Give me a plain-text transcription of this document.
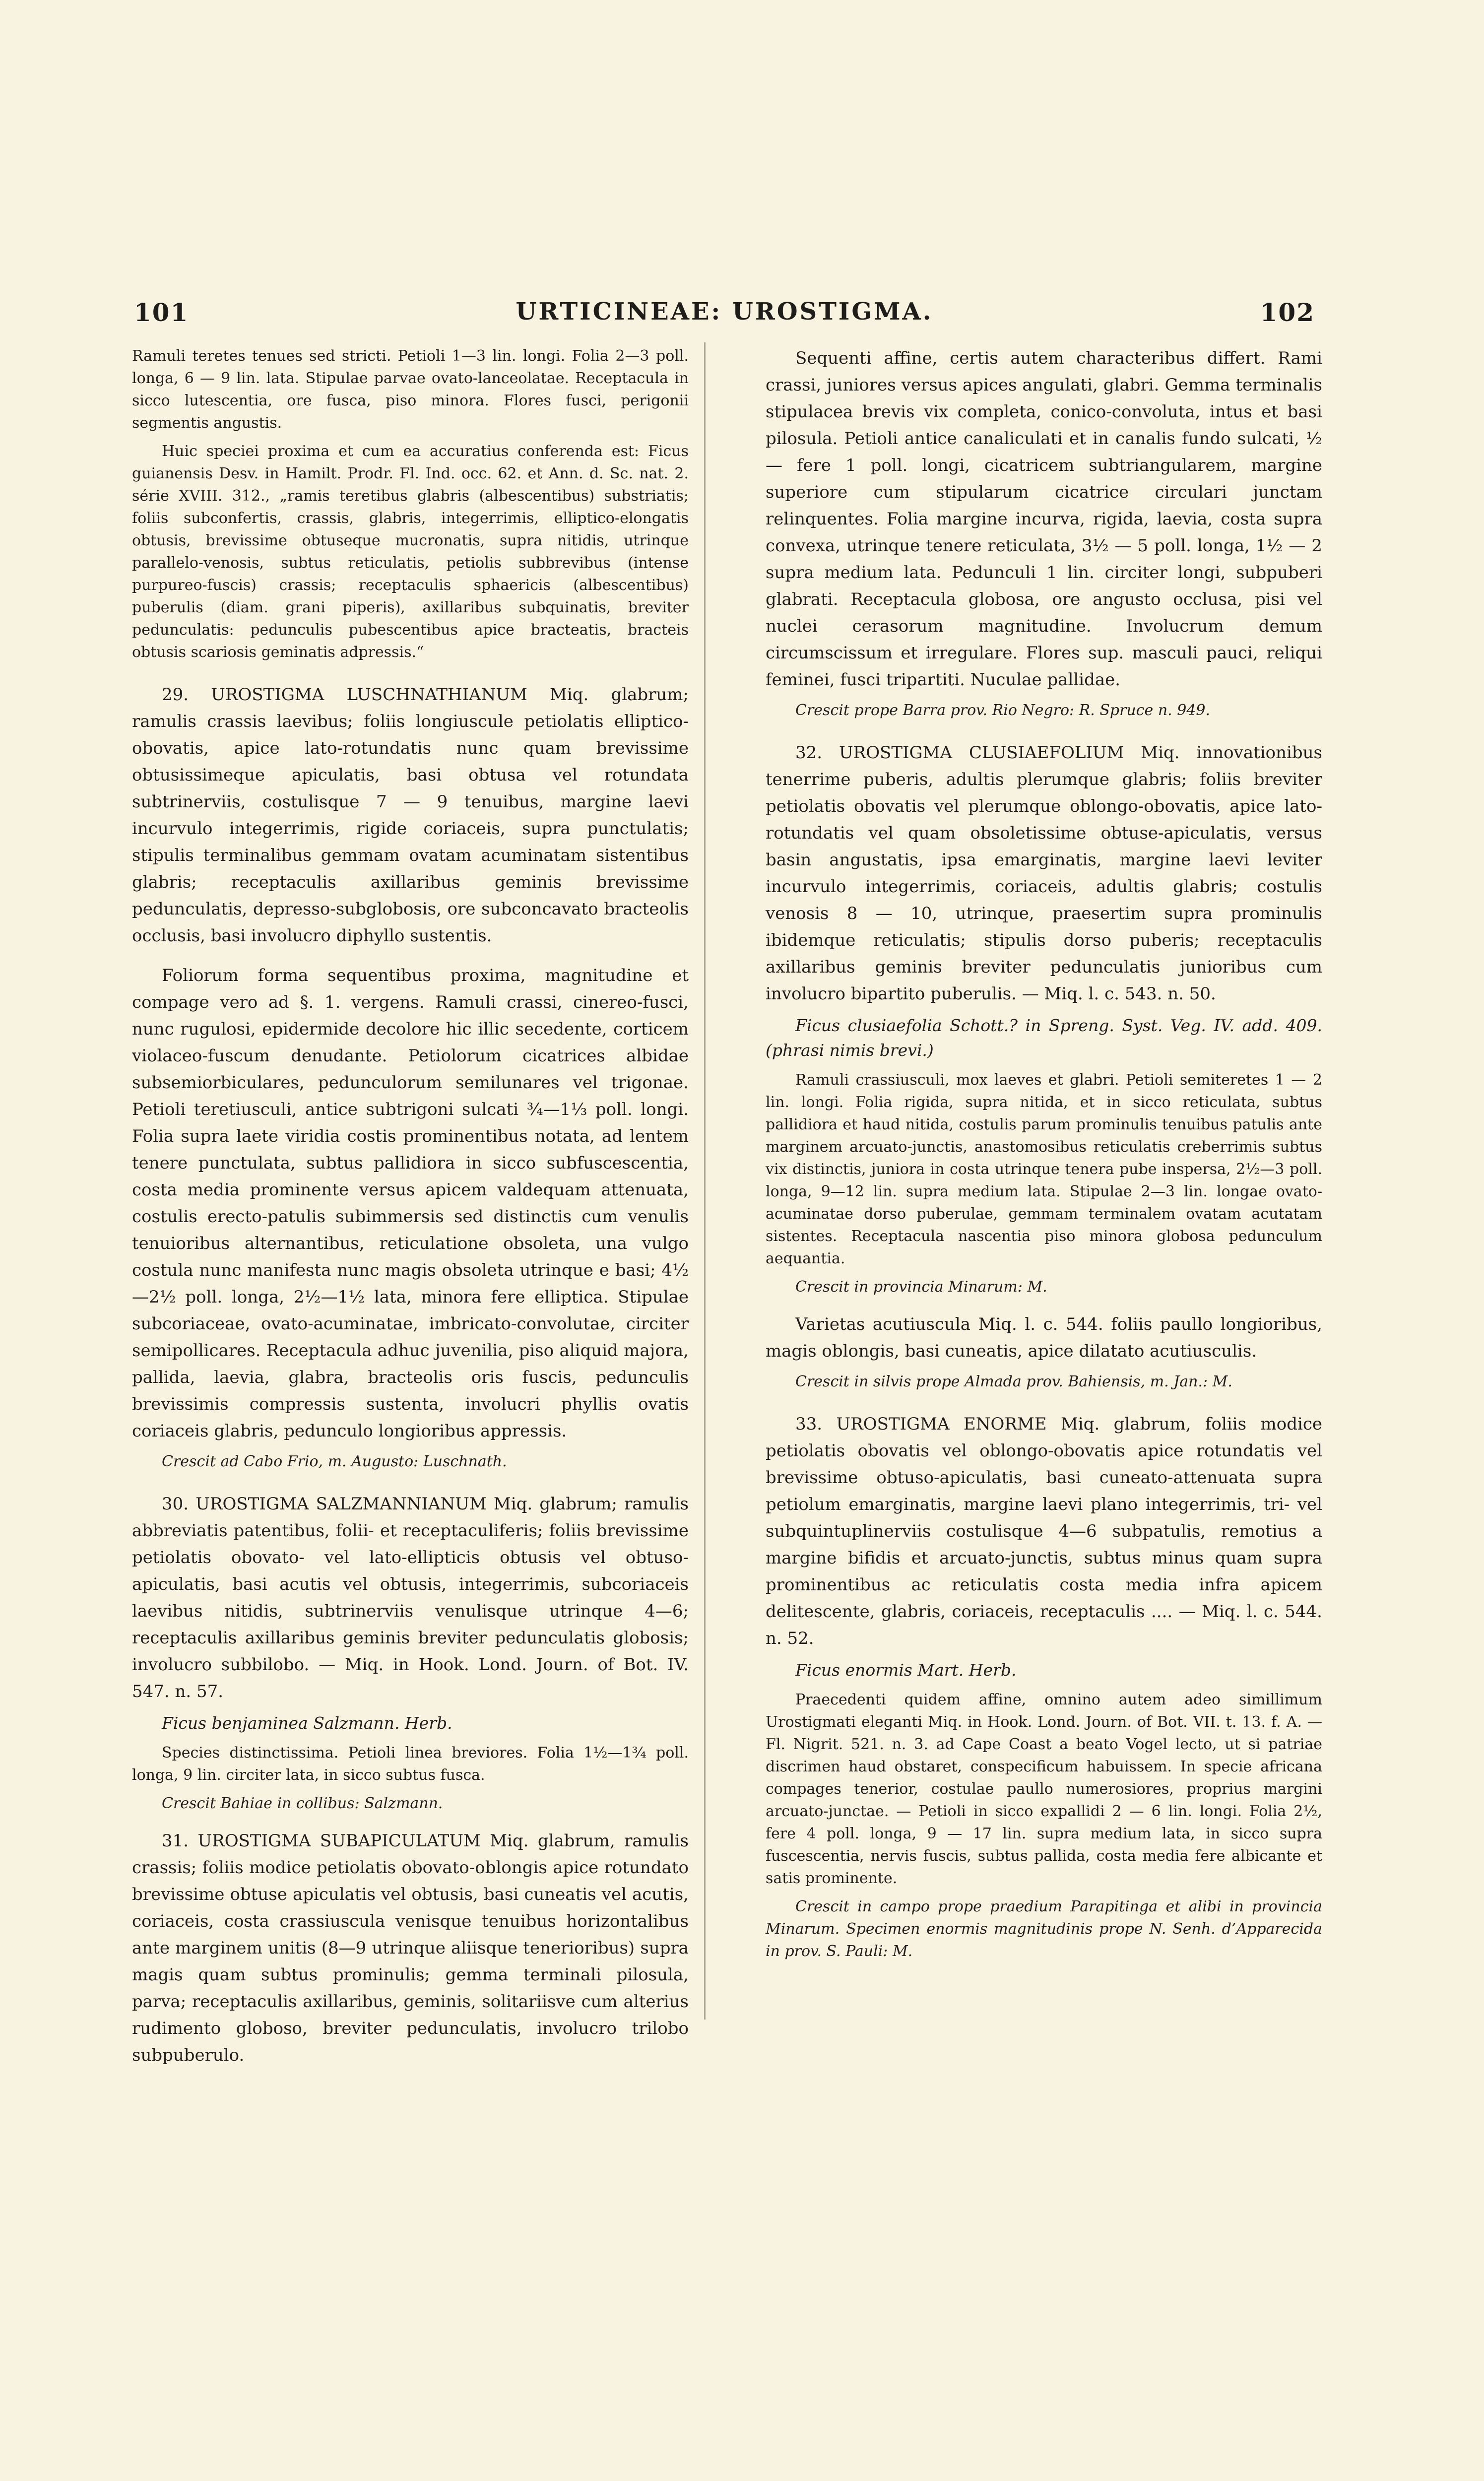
101	URTICINEAE: UROSTIGMA.	102

Ramuli teretes tenues sed stricti. Petioli 1—3 lin. longi. Folia 2—3 poll. longa, 6 — 9 lin. lata. Stipulae parvae ovato-lanceolatae. Receptacula in sicco lutescentia, ore fusca, piso minora. Flores fusci, perigonii segmentis angustis.

Huic speciei proxima et cum ea accuratius conferenda est: Ficus guianensis Desv. in Hamilt. Prodr. Fl. Ind. occ. 62. et Ann. d. Sc. nat. 2. série XVIII. 312., „ramis teretibus glabris (albescentibus) substriatis; foliis subconfertis, crassis, glabris, integerrimis, elliptico-elongatis obtusis, brevissime obtuseque mucronatis, supra nitidis, utrinque parallelo-venosis, subtus reticulatis, petiolis subbrevibus (intense purpureo-fuscis) crassis; receptaculis sphaericis (albescentibus) puberulis (diam. grani piperis), axillaribus subquinatis, breviter pedunculatis: pedunculis pubescentibus apice bracteatis, bracteis obtusis scariosis geminatis adpressis.“

29. UROSTIGMA LUSCHNATHIANUM Miq. glabrum; ramulis crassis laevibus; foliis longiuscule petiolatis elliptico-obovatis, apice lato-rotundatis nunc quam brevissime obtusissimeque apiculatis, basi obtusa vel rotundata subtrinerviis, costulisque 7 — 9 tenuibus, margine laevi incurvulo integerrimis, rigide coriaceis, supra punctulatis; stipulis terminalibus gemmam ovatam acuminatam sistentibus glabris; receptaculis axillaribus geminis brevissime pedunculatis, depresso-subglobosis, ore subconcavato bracteolis occlusis, basi involucro diphyllo sustentis.

Foliorum forma sequentibus proxima, magnitudine et compage vero ad §. 1. vergens. Ramuli crassi, cinereo-fusci, nunc rugulosi, epidermide decolore hic illic secedente, corticem violaceo-fuscum denudante. Petiolorum cicatrices albidae subsemiorbiculares, pedunculorum semilunares vel trigonae. Petioli teretiusculi, antice subtrigoni sulcati ¾—1⅓ poll. longi. Folia supra laete viridia costis prominentibus notata, ad lentem tenere punctulata, subtus pallidiora in sicco subfuscescentia, costa media prominente versus apicem valdequam attenuata, costulis erecto-patulis subimmersis sed distinctis cum venulis tenuioribus alternantibus, reticulatione obsoleta, una vulgo costula nunc manifesta nunc magis obsoleta utrinque e basi; 4½—2½ poll. longa, 2½—1½ lata, minora fere elliptica. Stipulae subcoriaceae, ovato-acuminatae, imbricato-convolutae, circiter semipollicares. Receptacula adhuc juvenilia, piso aliquid majora, pallida, laevia, glabra, bracteolis oris fuscis, pedunculis brevissimis compressis sustenta, involucri phyllis ovatis coriaceis glabris, pedunculo longioribus appressis.

Crescit ad Cabo Frio, m. Augusto: Luschnath.

30. UROSTIGMA SALZMANNIANUM Miq. glabrum; ramulis abbreviatis patentibus, folii- et receptaculiferis; foliis brevissime petiolatis obovato- vel lato-ellipticis obtusis vel obtuso-apiculatis, basi acutis vel obtusis, integerrimis, subcoriaceis laevibus nitidis, subtrinerviis venulisque utrinque 4—6; receptaculis axillaribus geminis breviter pedunculatis globosis; involucro subbilobo. — Miq. in Hook. Lond. Journ. of Bot. IV. 547. n. 57.

Ficus benjaminea Salzmann. Herb.

Species distinctissima. Petioli linea breviores. Folia 1½—1¾ poll. longa, 9 lin. circiter lata, in sicco subtus fusca.

Crescit Bahiae in collibus: Salzmann.

31. UROSTIGMA SUBAPICULATUM Miq. glabrum, ramulis crassis; foliis modice petiolatis obovato-oblongis apice rotundato brevissime obtuse apiculatis vel obtusis, basi cuneatis vel acutis, coriaceis, costa crassiuscula venisque tenuibus horizontalibus ante marginem unitis (8—9 utrinque aliisque tenerioribus) supra magis quam subtus prominulis; gemma terminali pilosula, parva; receptaculis axillaribus, geminis, solitariisve cum alterius rudimento globoso, breviter pedunculatis, involucro trilobo subpuberulo.

Sequenti affine, certis autem characteribus differt. Rami crassi, juniores versus apices angulati, glabri. Gemma terminalis stipulacea brevis vix completa, conico-convoluta, intus et basi pilosula. Petioli antice canaliculati et in canalis fundo sulcati, ½ — fere 1 poll. longi, cicatricem subtriangularem, margine superiore cum stipularum cicatrice circulari junctam relinquentes. Folia margine incurva, rigida, laevia, costa supra convexa, utrinque tenere reticulata, 3½ — 5 poll. longa, 1½ — 2 supra medium lata. Pedunculi 1 lin. circiter longi, subpuberi glabrati. Receptacula globosa, ore angusto occlusa, pisi vel nuclei cerasorum magnitudine. Involucrum demum circumscissum et irregulare. Flores sup. masculi pauci, reliqui feminei, fusci tripartiti. Nuculae pallidae.

Crescit prope Barra prov. Rio Negro: R. Spruce n. 949.

32. UROSTIGMA CLUSIAEFOLIUM Miq. innovationibus tenerrime puberis, adultis plerumque glabris; foliis breviter petiolatis obovatis vel plerumque oblongo-obovatis, apice lato-rotundatis vel quam obsoletissime obtuse-apiculatis, versus basin angustatis, ipsa emarginatis, margine laevi leviter incurvulo integerrimis, coriaceis, adultis glabris; costulis venosis 8 — 10, utrinque, praesertim supra prominulis ibidemque reticulatis; stipulis dorso puberis; receptaculis axillaribus geminis breviter pedunculatis junioribus cum involucro bipartito puberulis. — Miq. l. c. 543. n. 50.

Ficus clusiaefolia Schott.? in Spreng. Syst. Veg. IV. add. 409. (phrasi nimis brevi.)

Ramuli crassiusculi, mox laeves et glabri. Petioli semiteretes 1 — 2 lin. longi. Folia rigida, supra nitida, et in sicco reticulata, subtus pallidiora et haud nitida, costulis parum prominulis tenuibus patulis ante marginem arcuato-junctis, anastomosibus reticulatis creberrimis subtus vix distinctis, juniora in costa utrinque tenera pube inspersa, 2½—3 poll. longa, 9—12 lin. supra medium lata. Stipulae 2—3 lin. longae ovato-acuminatae dorso puberulae, gemmam terminalem ovatam acutatam sistentes. Receptacula nascentia piso minora globosa pedunculum aequantia.

Crescit in provincia Minarum: M.

Varietas acutiuscula Miq. l. c. 544. foliis paullo longioribus, magis oblongis, basi cuneatis, apice dilatato acutiusculis.

Crescit in silvis prope Almada prov. Bahiensis, m. Jan.: M.

33. UROSTIGMA ENORME Miq. glabrum, foliis modice petiolatis obovatis vel oblongo-obovatis apice rotundatis vel brevissime obtuso-apiculatis, basi cuneato-attenuata supra petiolum emarginatis, margine laevi plano integerrimis, tri- vel subquintuplinerviis costulisque 4—6 subpatulis, remotius a margine bifidis et arcuato-junctis, subtus minus quam supra prominentibus ac reticulatis costa media infra apicem delitescente, glabris, coriaceis, receptaculis .... — Miq. l. c. 544. n. 52.

Ficus enormis Mart. Herb.

Praecedenti quidem affine, omnino autem adeo simillimum Urostigmati eleganti Miq. in Hook. Lond. Journ. of Bot. VII. t. 13. f. A. — Fl. Nigrit. 521. n. 3. ad Cape Coast a beato Vogel lecto, ut si patriae discrimen haud obstaret, conspecificum habuissem. In specie africana compages tenerior, costulae paullo numerosiores, proprius margini arcuato-junctae. — Petioli in sicco expallidi 2 — 6 lin. longi. Folia 2½, fere 4 poll. longa, 9 — 17 lin. supra medium lata, in sicco supra fuscescentia, nervis fuscis, subtus pallida, costa media fere albicante et satis prominente.

Crescit in campo prope praedium Parapitinga et alibi in provincia Minarum. Specimen enormis magnitudinis prope N. Senh. d’Apparecida in prov. S. Pauli: M.
